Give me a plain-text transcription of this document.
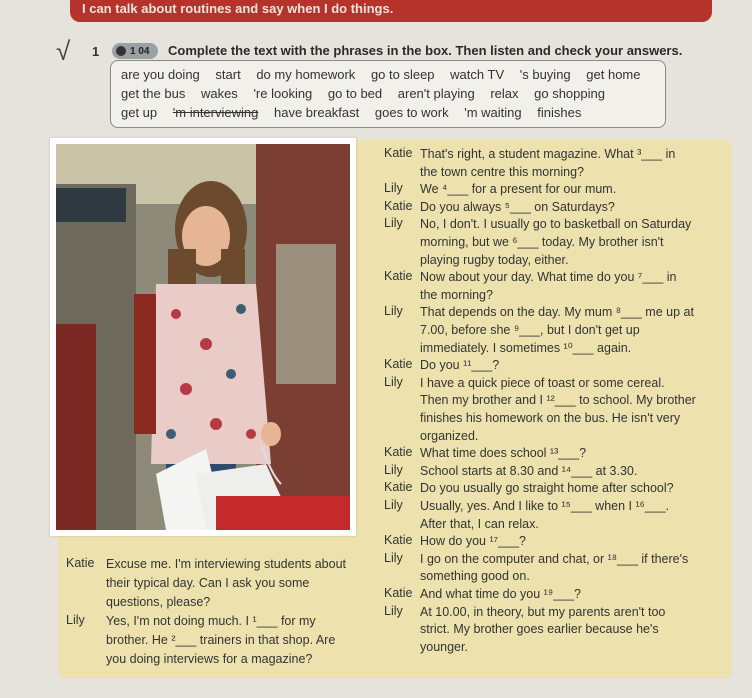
I can talk about routines and say when I do things.
√ 1	1 04 Complete the text with the phrases in the box. Then listen and check your answers.
are you doing start do my homework go to sleep watch TV 's buying get home
get the bus wakes 're looking go to bed aren't playing relax go shopping
get up 'm interviewing have breakfast goes to work 'm waiting finishes
Katie That's right, a student magazine. What ³___ in
the town centre this morning?
Lily We ⁴___ for a present for our mum.
Katie Do you always ⁵___ on Saturdays?
Lily No, I don't. I usually go to basketball on Saturday
morning, but we ⁶___ today. My brother isn't
playing rugby today, either.
Katie Now about your day. What time do you ⁷___ in
the morning?
Lily That depends on the day. My mum ⁸___ me up at
7.00, before she ⁹___, but I don't get up
immediately. I sometimes ¹⁰___ again.
Katie Do you ¹¹___?
Lily I have a quick piece of toast or some cereal.
Then my brother and I ¹²___ to school. My brother
finishes his homework on the bus. He isn't very
organized.
Katie What time does school ¹³___?
Lily School starts at 8.30 and ¹⁴___ at 3.30.
Katie Do you usually go straight home after school?
Lily Usually, yes. And I like to ¹⁵___ when I ¹⁶___.
After that, I can relax.
Katie How do you ¹⁷___?
Lily I go on the computer and chat, or ¹⁸___ if there's
something good on.
Katie And what time do you ¹⁹___?
Lily At 10.00, in theory, but my parents aren't too
strict. My brother goes earlier because he's
younger.
Katie Excuse me. I'm interviewing students about
their typical day. Can I ask you some
questions, please?
Lily Yes, I'm not doing much. I ¹___ for my
brother. He ²___ trainers in that shop. Are
you doing interviews for a magazine?
